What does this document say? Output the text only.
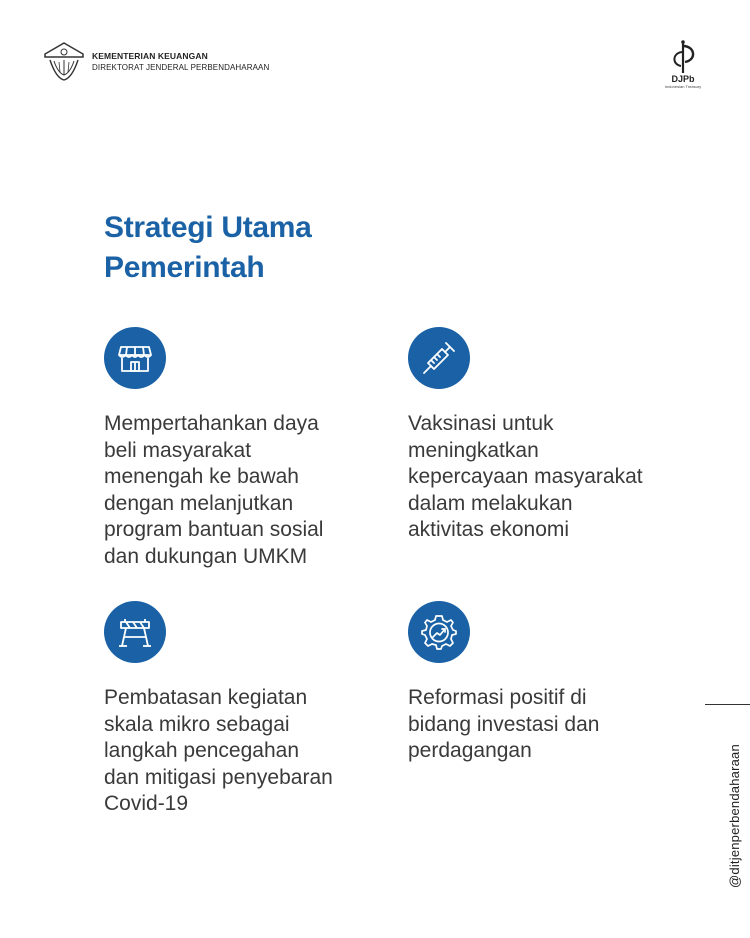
KEMENTERIAN KEUANGAN
DIREKTORAT JENDERAL PERBENDAHARAAN
DJPb
Indonesian Treasury
Strategi Utama
Pemerintah

Mempertahankan daya
beli masyarakat
menengah ke bawah
dengan melanjutkan
program bantuan sosial
dan dukungan UMKM

Vaksinasi untuk
meningkatkan
kepercayaan masyarakat
dalam melakukan
aktivitas ekonomi

Pembatasan kegiatan
skala mikro sebagai
langkah pencegahan
dan mitigasi penyebaran
Covid-19

Reformasi positif di
bidang investasi dan
perdagangan	@ditjenperbendaharaan
